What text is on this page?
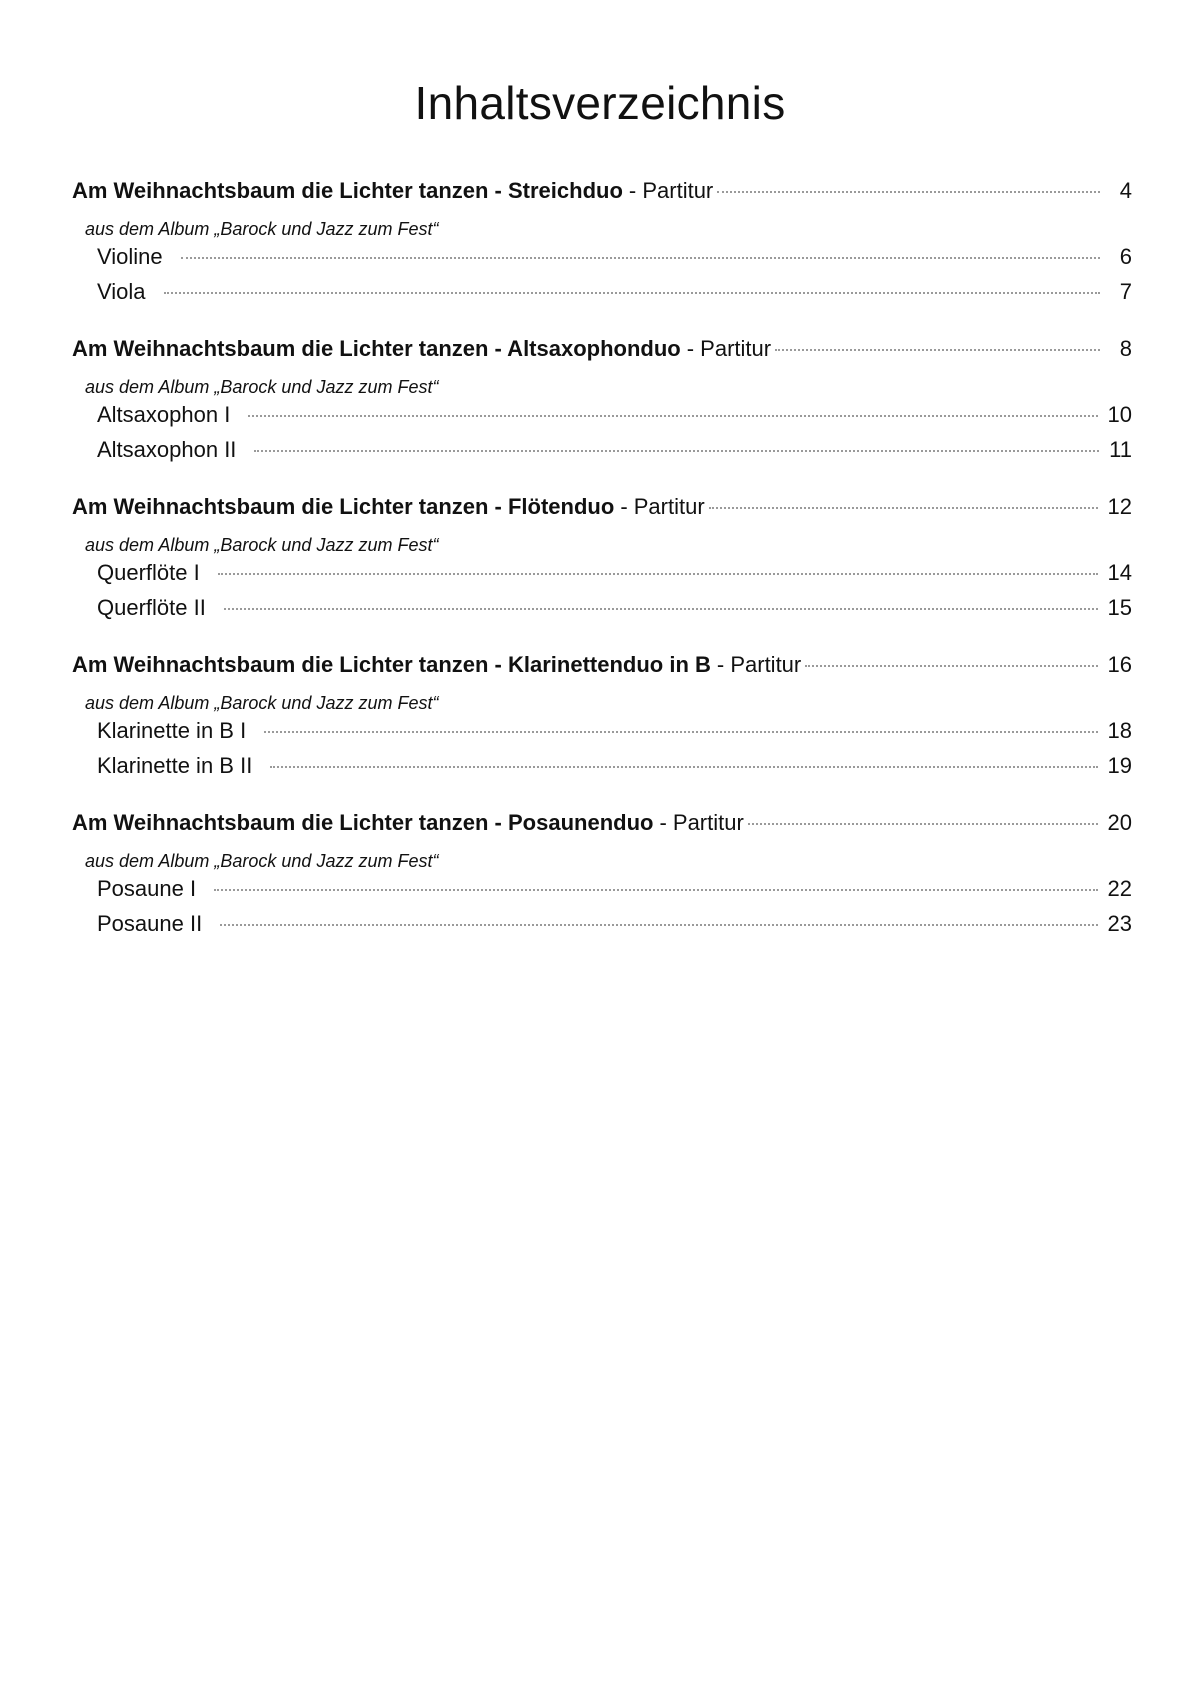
Inhaltsverzeichnis
Am Weihnachtsbaum die Lichter tanzen - Streichduo - Partitur	4
aus dem Album „Barock und Jazz zum Fest“
Violine	6
Viola	7
Am Weihnachtsbaum die Lichter tanzen - Altsaxophonduo - Partitur	8
aus dem Album „Barock und Jazz zum Fest“
Altsaxophon I	10
Altsaxophon II	11
Am Weihnachtsbaum die Lichter tanzen - Flötenduo - Partitur	12
aus dem Album „Barock und Jazz zum Fest“
Querflöte I	14
Querflöte II	15
Am Weihnachtsbaum die Lichter tanzen - Klarinettenduo in B - Partitur	16
aus dem Album „Barock und Jazz zum Fest“
Klarinette in B I	18
Klarinette in B II	19
Am Weihnachtsbaum die Lichter tanzen - Posaunenduo - Partitur	20
aus dem Album „Barock und Jazz zum Fest“
Posaune I	22
Posaune II	23
